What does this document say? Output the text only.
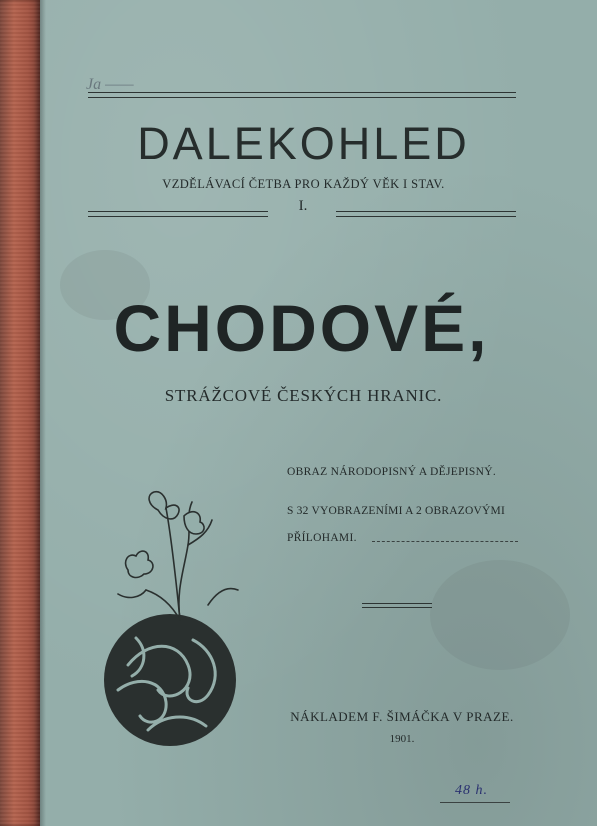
Ja ——
DALEKOHLED
VZDĚLÁVACÍ ČETBA PRO KAŽDÝ VĚK I STAV.
I.
CHODOVÉ,
STRÁŽCOVÉ ČESKÝCH HRANIC.
OBRAZ NÁRODOPISNÝ A DĚJEPISNÝ.
S 32 VYOBRAZENÍMI A 2 OBRAZOVÝMI
PŘÍLOHAMI.
NÁKLADEM F. ŠIMÁČKA V PRAZE.
1901.
48 h.
